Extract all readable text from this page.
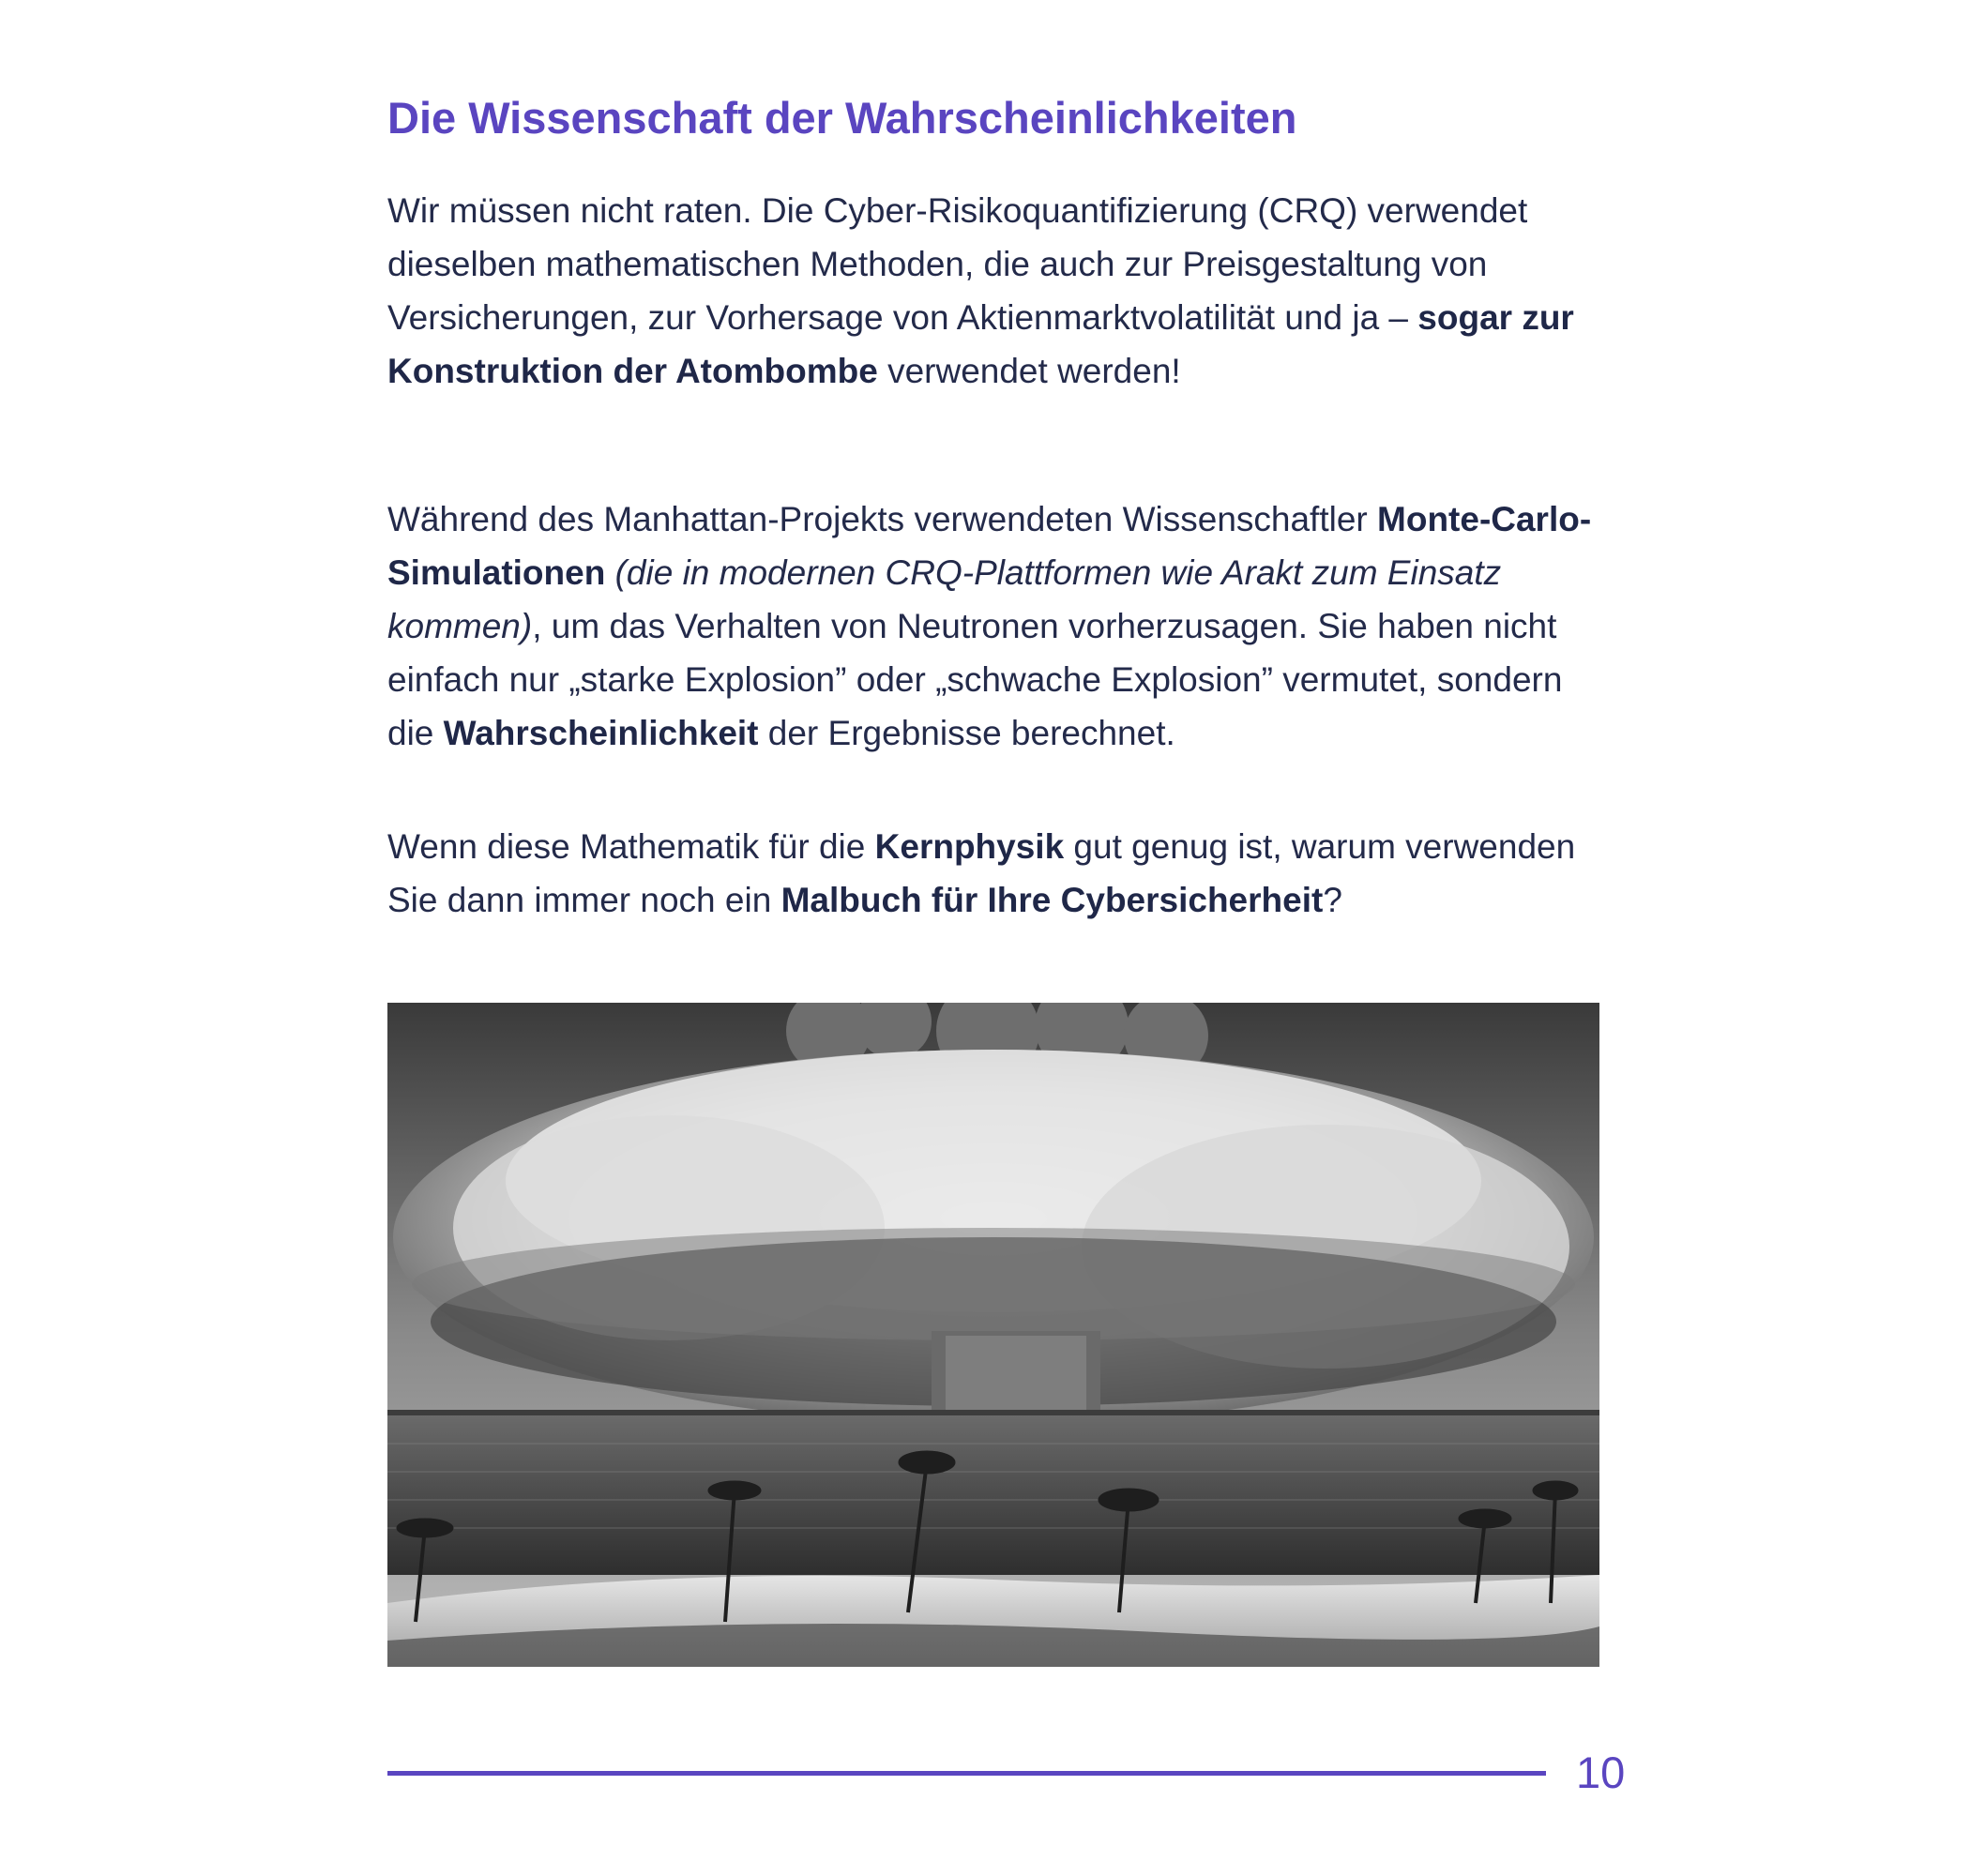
Die Wissenschaft der Wahrscheinlichkeiten

Wir müssen nicht raten. Die Cyber-Risikoquantifizierung (CRQ) verwendet dieselben mathematischen Methoden, die auch zur Preisgestaltung von Versicherungen, zur Vorhersage von Aktienmarktvolatilität und ja – sogar zur Konstruktion der Atombombe verwendet werden!

Während des Manhattan-Projekts verwendeten Wissenschaftler Monte-Carlo-Simulationen (die in modernen CRQ-Plattformen wie Arakt zum Einsatz kommen), um das Verhalten von Neutronen vorherzusagen. Sie haben nicht einfach nur „starke Explosion” oder „schwache Explosion” vermutet, sondern die Wahrscheinlichkeit der Ergebnisse berechnet.

Wenn diese Mathematik für die Kernphysik gut genug ist, warum verwenden Sie dann immer noch ein Malbuch für Ihre Cybersicherheit?

10
